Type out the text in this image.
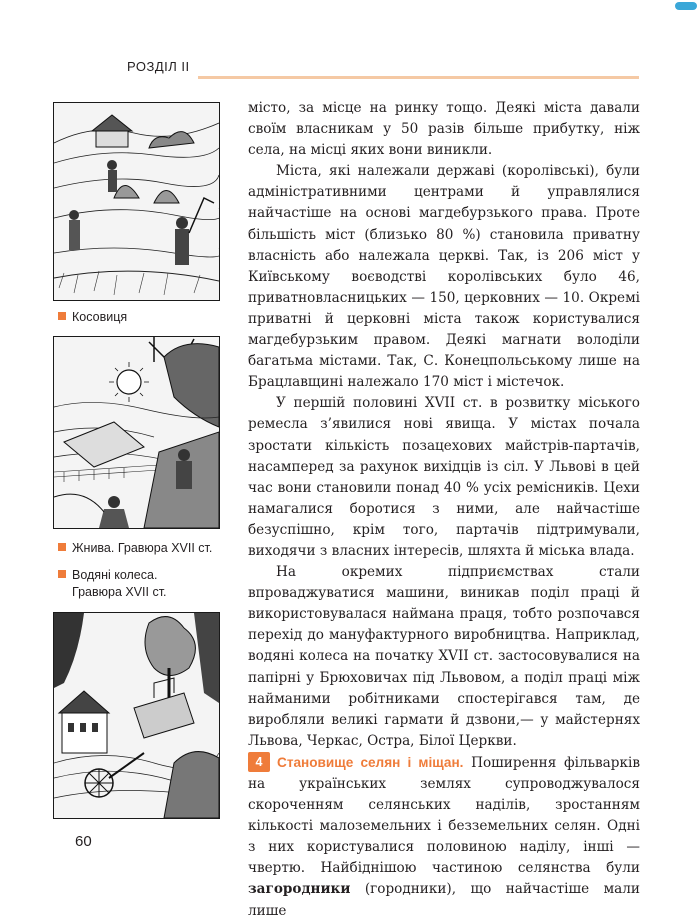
РОЗДІЛ ІІ
Косовиця
Жнива. Гравюра XVII ст.
Водяні колеса.
Гравюра XVII ст.

місто, за місце на ринку тощо. Деякі міста давали своїм власникам у 50 разів більше прибутку, ніж села, на місці яких вони виникли.

Міста, які належали державі (королівські), були адміністративними центрами й управлялися найчастіше на основі магдебурзького права. Проте більшість міст (близько 80 %) становила приватну власність або належала церкві. Так, із 206 міст у Київському воєводстві королівських було 46, приватновласницьких — 150, церковних — 10. Окремі приватні й церковні міста також користувалися магдебурзьким правом. Деякі магнати володіли багатьма містами. Так, С. Конецпольському лише на Брацлавщині належало 170 міст і містечок.

У першій половині XVII ст. в розвитку міського ремесла з’явилися нові явища. У містах почала зростати кількість позацехових майстрів-партачів, насамперед за рахунок вихідців із сіл. У Львові в цей час вони становили понад 40 % усіх ремісників. Цехи намагалися боротися з ними, але найчастіше безуспішно, крім того, партачів підтримували, виходячи з власних інтересів, шляхта й міська влада.

На окремих підприємствах стали впроваджуватися машини, виникав поділ праці й використовувалася наймана праця, тобто розпочався перехід до мануфактурного виробництва. Наприклад, водяні колеса на початку XVII ст. застосовувалися на папірні у Брюховичах під Львовом, а поділ праці між найманими робітниками спостерігався там, де виробляли великі гармати й дзвони,— у майстернях Львова, Черкас, Остра, Білої Церкви.

4 Становище селян і міщан. Поширення фільварків на українських землях супроводжувалося скороченням селянських наділів, зростанням кількості малоземельних і безземельних селян. Одні з них користувалися половиною наділу, інші — чвертю. Найбіднішою частиною селянства були загородники (городники), що найчастіше мали лише

60
